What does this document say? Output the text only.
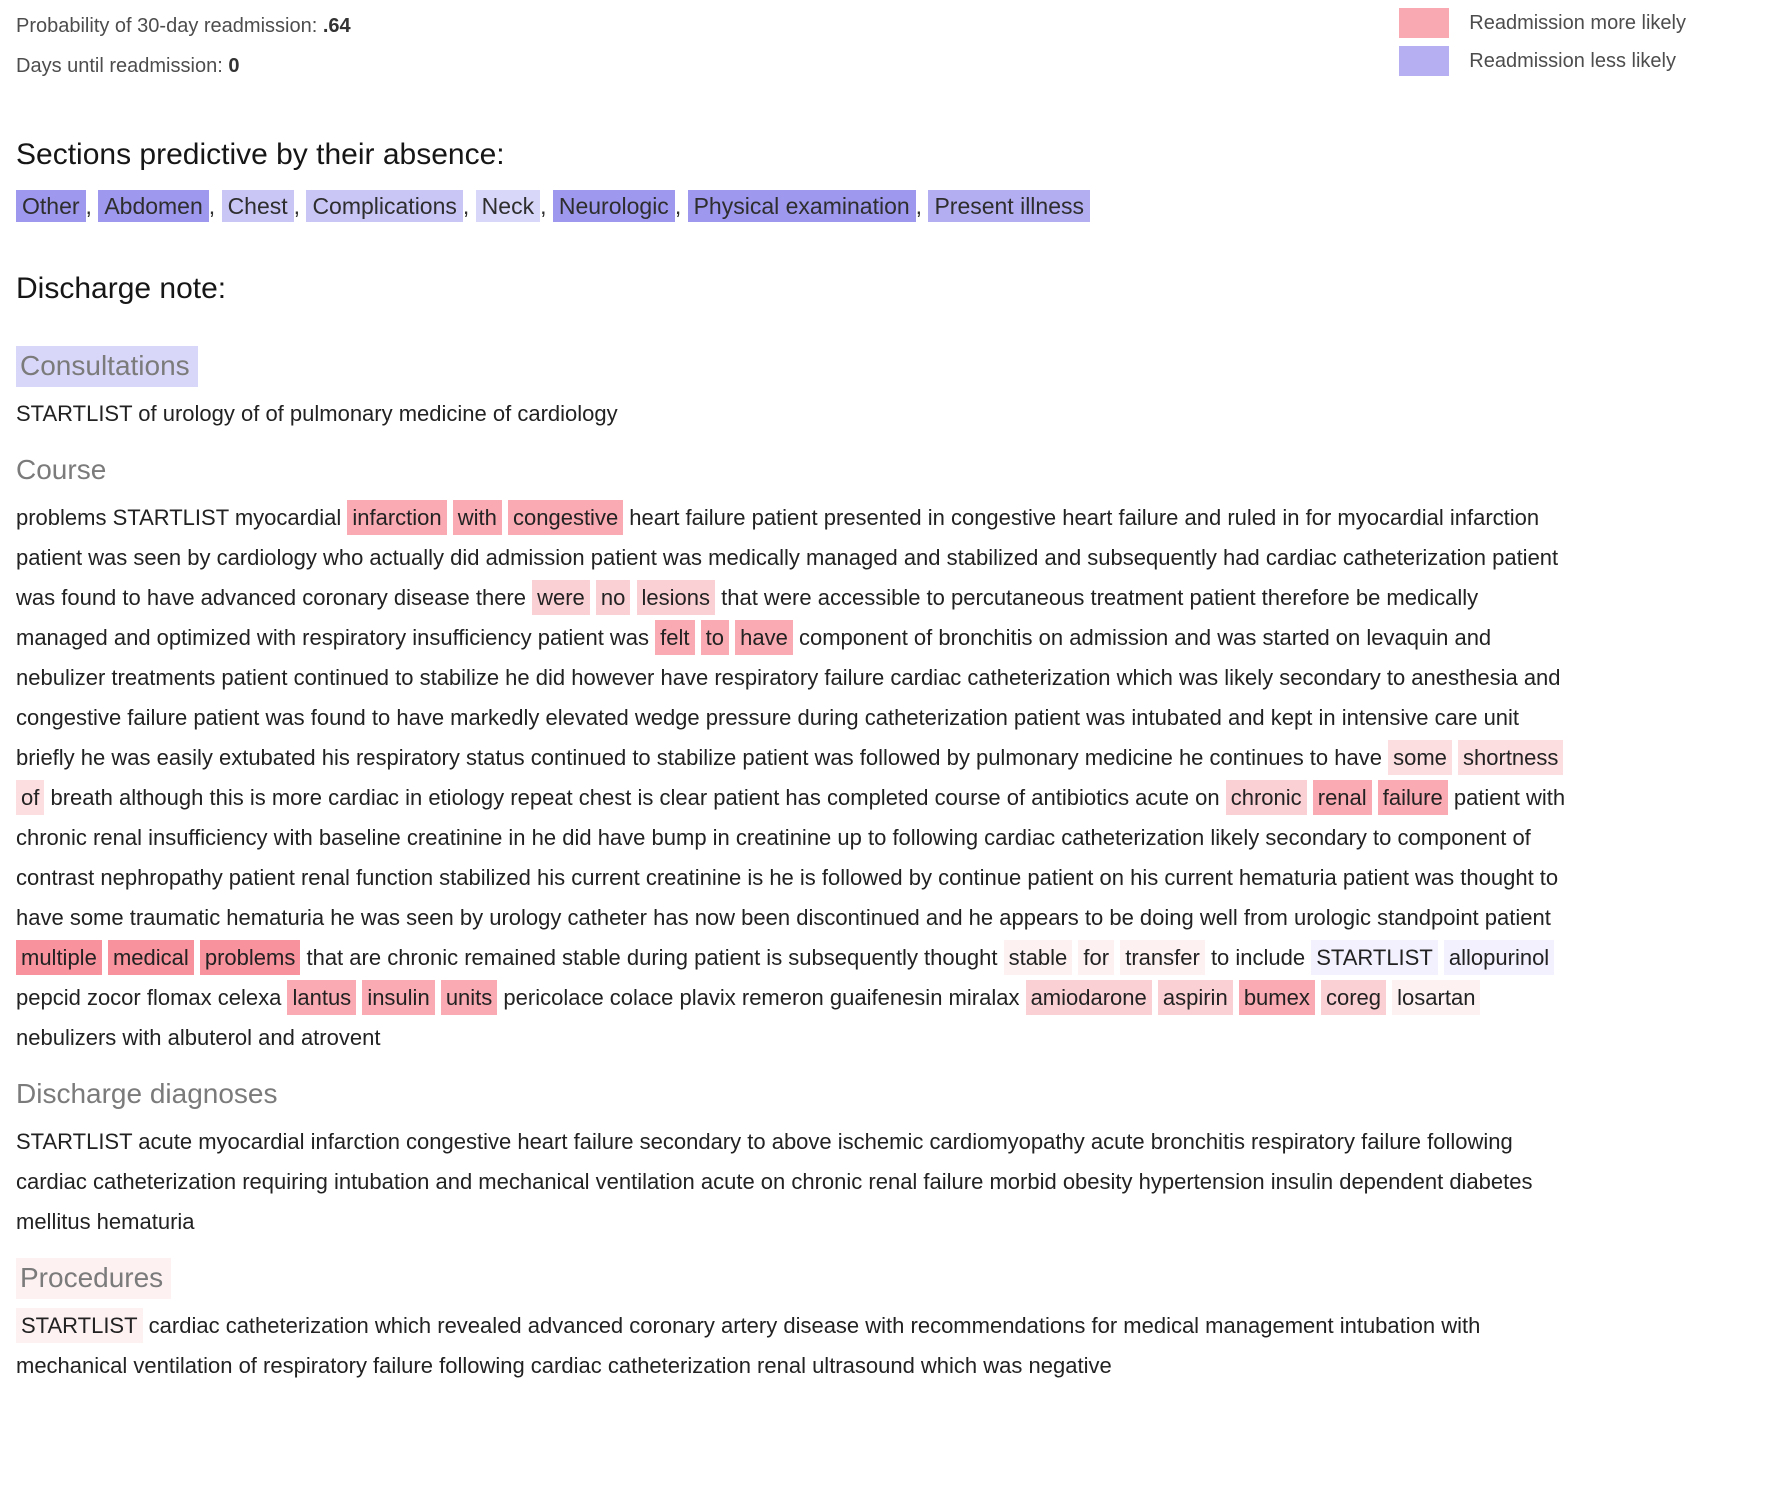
Probability of 30-day readmission: .64
Days until readmission: 0
Readmission more likely
Readmission less likely
Sections predictive by their absence:
Other , Abdomen , Chest , Complications , Neck , Neurologic , Physical examination , Present illness
Discharge note:
Consultations

STARTLIST of urology of of pulmonary medicine of cardiology

Course

problems STARTLIST myocardial infarction with congestive heart failure patient presented in congestive heart failure and ruled in for myocardial infarction patient was seen by cardiology who actually did admission patient was medically managed and stabilized and subsequently had cardiac catheterization patient was found to have advanced coronary disease there were no lesions that were accessible to percutaneous treatment patient therefore be medically managed and optimized with respiratory insufficiency patient was felt to have component of bronchitis on admission and was started on levaquin and nebulizer treatments patient continued to stabilize he did however have respiratory failure cardiac catheterization which was likely secondary to anesthesia and congestive failure patient was found to have markedly elevated wedge pressure during catheterization patient was intubated and kept in intensive care unit briefly he was easily extubated his respiratory status continued to stabilize patient was followed by pulmonary medicine he continues to have some shortness of breath although this is more cardiac in etiology repeat chest is clear patient has completed course of antibiotics acute on chronic renal failure patient with chronic renal insufficiency with baseline creatinine in he did have bump in creatinine up to following cardiac catheterization likely secondary to component of contrast nephropathy patient renal function stabilized his current creatinine is he is followed by continue patient on his current hematuria patient was thought to have some traumatic hematuria he was seen by urology catheter has now been discontinued and he appears to be doing well from urologic standpoint patient multiple medical problems that are chronic remained stable during patient is subsequently thought stable for transfer to include STARTLIST allopurinol pepcid zocor flomax celexa lantus insulin units pericolace colace plavix remeron guaifenesin miralax amiodarone aspirin bumex coreg losartan nebulizers with albuterol and atrovent

Discharge diagnoses

STARTLIST acute myocardial infarction congestive heart failure secondary to above ischemic cardiomyopathy acute bronchitis respiratory failure following cardiac catheterization requiring intubation and mechanical ventilation acute on chronic renal failure morbid obesity hypertension insulin dependent diabetes mellitus hematuria

Procedures

STARTLIST cardiac catheterization which revealed advanced coronary artery disease with recommendations for medical management intubation with mechanical ventilation of respiratory failure following cardiac catheterization renal ultrasound which was negative
